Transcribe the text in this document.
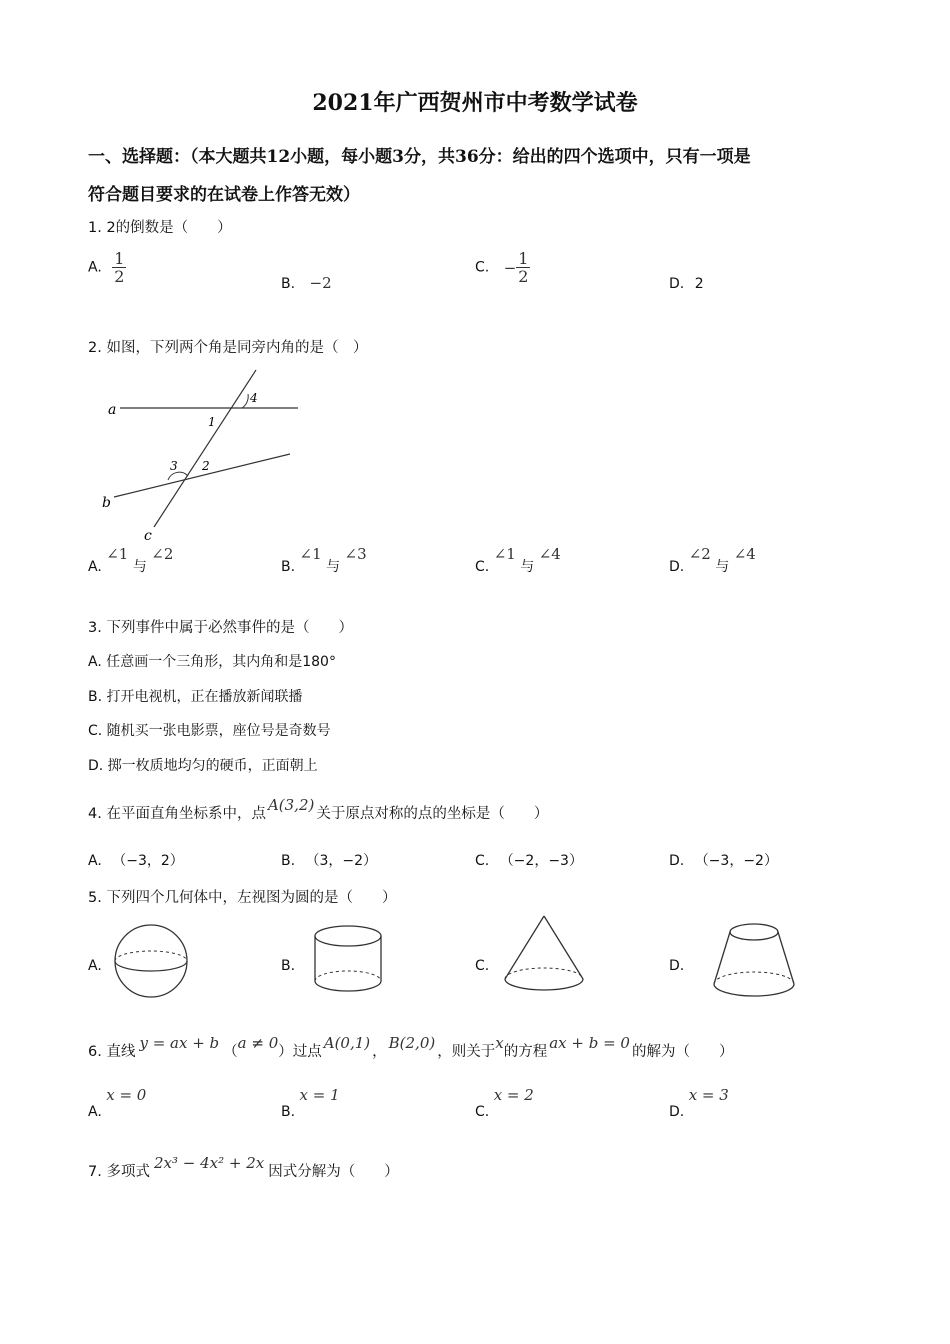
2021年广西贺州市中考数学试卷
一、选择题：（本大题共12小题，每小题3分，共36分：给出的四个选项中，只有一项是
符合题目要求的在试卷上作答无效）
1. 2的倒数是（　　）
A. $\frac{1}{2}$	B. −2
C. − $\frac{1}{2}$	D. 2
2. 如图，下列两个角是同旁内角的是（　）
a
b
c
1
2
3
4
A. ∠1 与 ∠2
B. ∠1 与 ∠3
C. ∠1 与 ∠4
D. ∠2 与 ∠4
3. 下列事件中属于必然事件的是（　　）
A. 任意画一个三角形，其内角和是180°
B. 打开电视机，正在播放新闻联播
C. 随机买一张电影票，座位号是奇数号
D. 掷一枚质地均匀的硬币，正面朝上
4. 在平面直角坐标系中，点 A(3,2) 关于原点对称的点的坐标是（　　）
A. （−3，2）	B. （3，−2）	C. （−2，−3）	D. （−3，−2）
5. 下列四个几何体中，左视图为圆的是（　　）
A.	B.	C.	D.
6. 直线 y = ax + b （a ≠ 0）过点 A(0,1) ， B(2,0) ，则关于x的方程 ax + b = 0 的解为（　　）
A. x = 0
B. x = 1
C. x = 2
D. x = 3
7. 多项式 2x³ − 4x² + 2x 因式分解为（　　）
